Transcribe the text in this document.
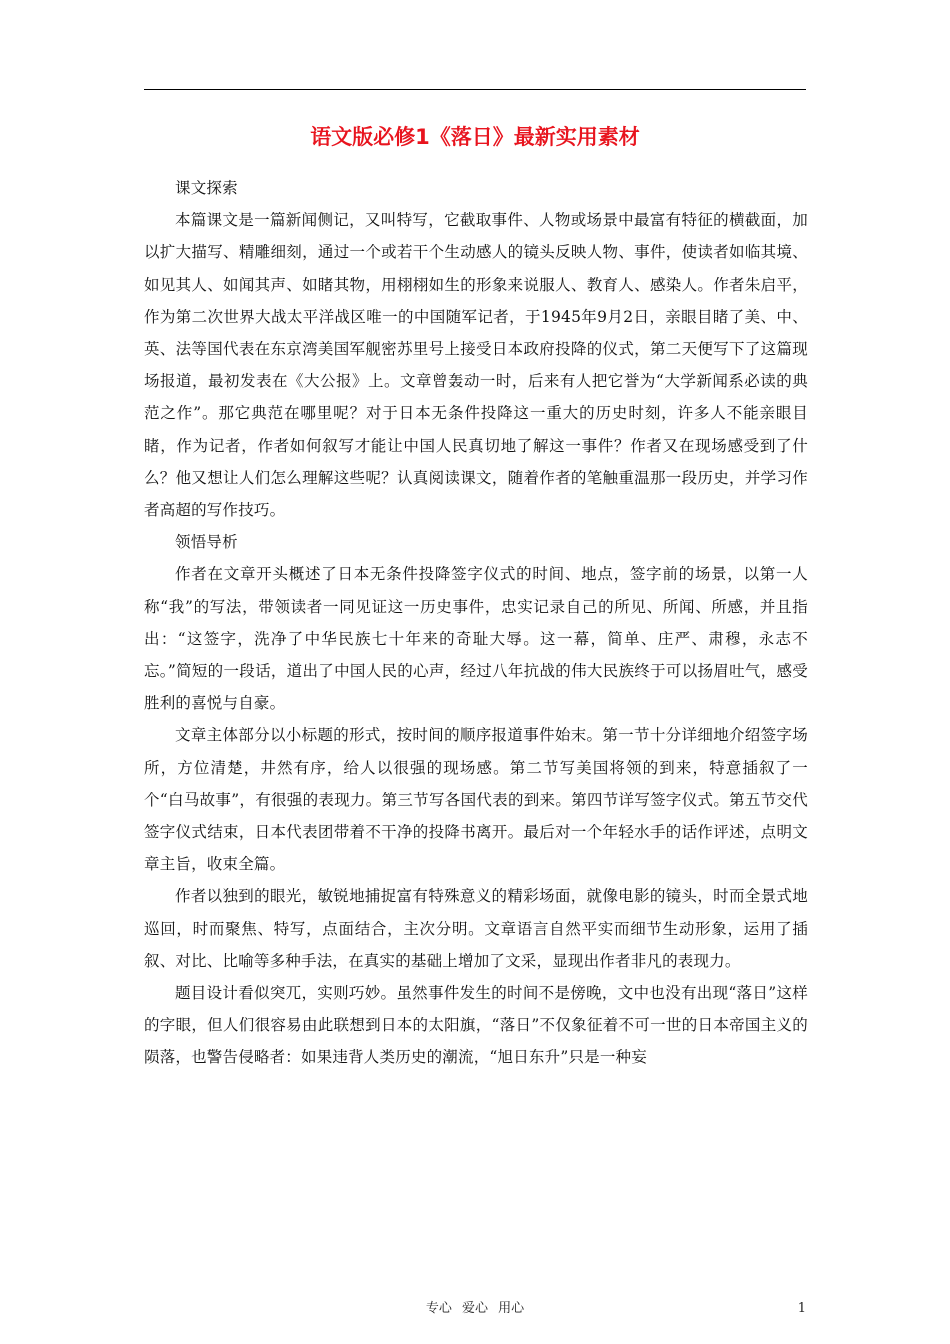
语文版必修1《落日》最新实用素材

课文探索

本篇课文是一篇新闻侧记，又叫特写，它截取事件、人物或场景中最富有特征的横截面，加以扩大描写、精雕细刻，通过一个或若干个生动感人的镜头反映人物、事件，使读者如临其境、如见其人、如闻其声、如睹其物，用栩栩如生的形象来说服人、教育人、感染人。作者朱启平，作为第二次世界大战太平洋战区唯一的中国随军记者，于1945年9月2日，亲眼目睹了美、中、英、法等国代表在东京湾美国军舰密苏里号上接受日本政府投降的仪式，第二天便写下了这篇现场报道，最初发表在《大公报》上。文章曾轰动一时，后来有人把它誉为“大学新闻系必读的典范之作”。那它典范在哪里呢？对于日本无条件投降这一重大的历史时刻，许多人不能亲眼目睹，作为记者，作者如何叙写才能让中国人民真切地了解这一事件？作者又在现场感受到了什么？他又想让人们怎么理解这些呢？认真阅读课文，随着作者的笔触重温那一段历史，并学习作者高超的写作技巧。

领悟导析

作者在文章开头概述了日本无条件投降签字仪式的时间、地点，签字前的场景，以第一人称“我”的写法，带领读者一同见证这一历史事件，忠实记录自己的所见、所闻、所感，并且指出：“这签字，洗净了中华民族七十年来的奇耻大辱。这一幕，简单、庄严、肃穆，永志不忘。”简短的一段话，道出了中国人民的心声，经过八年抗战的伟大民族终于可以扬眉吐气，感受胜利的喜悦与自豪。

文章主体部分以小标题的形式，按时间的顺序报道事件始末。第一节十分详细地介绍签字场所，方位清楚，井然有序，给人以很强的现场感。第二节写美国将领的到来，特意插叙了一个“白马故事”，有很强的表现力。第三节写各国代表的到来。第四节详写签字仪式。第五节交代签字仪式结束，日本代表团带着不干净的投降书离开。最后对一个年轻水手的话作评述，点明文章主旨，收束全篇。

作者以独到的眼光，敏锐地捕捉富有特殊意义的精彩场面，就像电影的镜头，时而全景式地巡回，时而聚焦、特写，点面结合，主次分明。文章语言自然平实而细节生动形象，运用了插叙、对比、比喻等多种手法，在真实的基础上增加了文采，显现出作者非凡的表现力。

题目设计看似突兀，实则巧妙。虽然事件发生的时间不是傍晚，文中也没有出现“落日”这样的字眼，但人们很容易由此联想到日本的太阳旗，“落日”不仅象征着不可一世的日本帝国主义的陨落，也警告侵略者：如果违背人类历史的潮流，“旭日东升”只是一种妄

专心 爱心 用心	1
